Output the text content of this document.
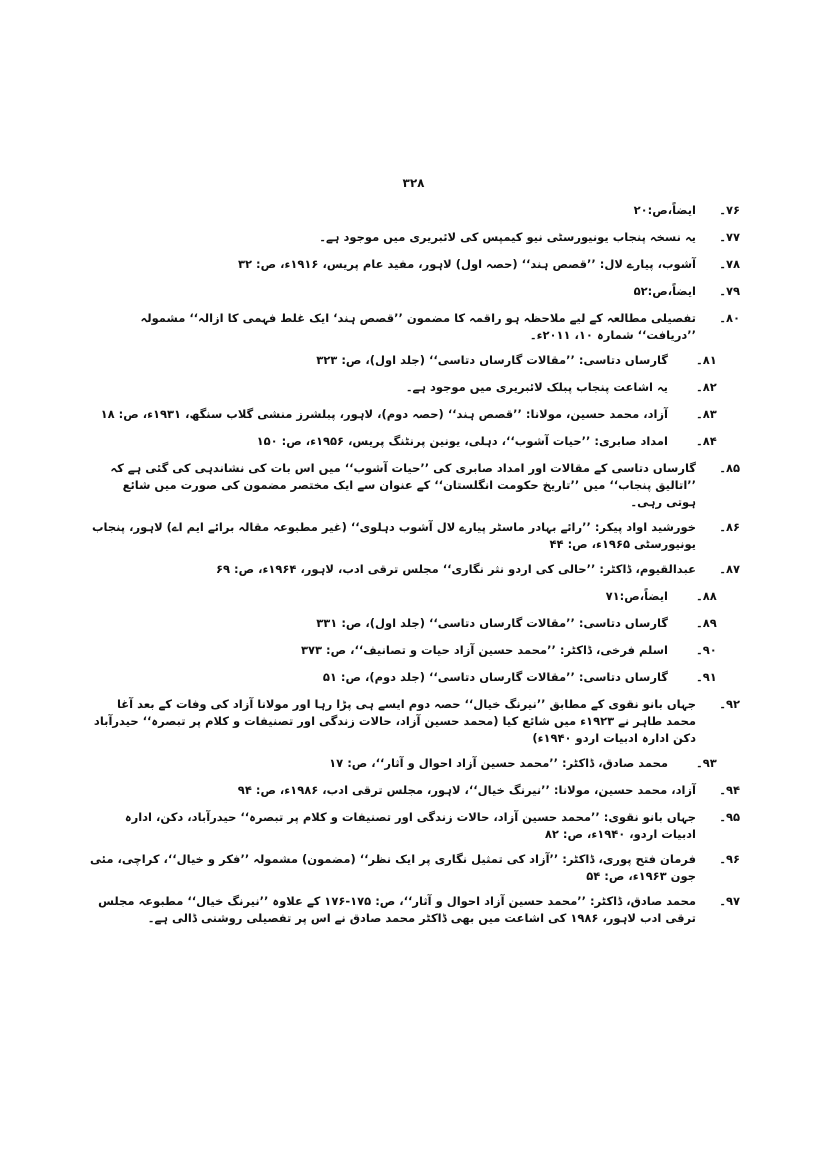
۳۲۸
۷۶۔
ایضاً،ص:۲۰
۷۷۔
یہ نسخہ پنجاب یونیورسٹی نیو کیمپس کی لائبریری میں موجود ہے۔
۷۸۔
آشوب، پیارے لال: ’’قصص ہند‘‘ (حصہ اول) لاہور، مفید عام پریس، ۱۹۱۶ء، ص: ۳۲
۷۹۔
ایضاً،ص:۵۲
۸۰۔
تفصیلی مطالعہ کے لیے ملاحظہ ہو راقمہ کا مضمون ’’قصص ہند‘ ایک غلط فہمی کا ازالہ‘‘ مشمولہ ’’دریافت‘‘ شمارہ ۱۰، ۲۰۱۱ء۔
۸۱۔
گارساں دتاسی: ’’مقالات گارساں دتاسی‘‘ (جلد اول)، ص: ۳۲۳
۸۲۔
یہ اشاعت پنجاب پبلک لائبریری میں موجود ہے۔
۸۳۔
آزاد، محمد حسین، مولانا: ’’قصص ہند‘‘ (حصہ دوم)، لاہور، پبلشرز منشی گلاب سنگھ، ۱۹۳۱ء، ص: ۱۸
۸۴۔
امداد صابری: ’’حیات آشوب‘‘، دہلی، یونین پرنٹنگ پریس، ۱۹۵۶ء، ص: ۱۵۰
۸۵۔
گارساں دتاسی کے مقالات اور امداد صابری کی ’’حیات آشوب‘‘ میں اس بات کی نشاندہی کی گئی ہے کہ ’’اتالیق پنجاب‘‘ میں ’’تاریخ حکومت انگلستان‘‘ کے عنوان سے ایک مختصر مضمون کی صورت میں شائع ہوتی رہی۔
۸۶۔
خورشید اواد پیکر: ’’رائے بہادر ماسٹر پیارے لال آشوب دہلوی‘‘ (غیر مطبوعہ مقالہ برائے ایم اے) لاہور، پنجاب یونیورسٹی ۱۹۶۵ء، ص: ۴۴
۸۷۔
عبدالقیوم، ڈاکٹر: ’’حالی کی اردو نثر نگاری‘‘ مجلس ترقی ادب، لاہور، ۱۹۶۴ء، ص: ۶۹
۸۸۔
ایضاً،ص:۷۱
۸۹۔
گارساں دتاسی: ’’مقالات گارساں دتاسی‘‘ (جلد اول)، ص: ۳۳۱
۹۰۔
اسلم فرخی، ڈاکٹر: ’’محمد حسین آزاد حیات و تصانیف‘‘، ص: ۳۷۳
۹۱۔
گارساں دتاسی: ’’مقالات گارساں دتاسی‘‘ (جلد دوم)، ص: ۵۱
۹۲۔
جہاں بانو نقوی کے مطابق ’’نیرنگ خیال‘‘ حصہ دوم ایسے ہی پڑا رہا اور مولانا آزاد کی وفات کے بعد آغا محمد طاہر نے ۱۹۲۳ء میں شائع کیا (محمد حسین آزاد، حالات زندگی اور تصنیفات و کلام پر تبصرہ‘‘ حیدرآباد دکن ادارہ ادبیات اردو ۱۹۴۰ء)
۹۳۔
محمد صادق، ڈاکٹر: ’’محمد حسین آزاد احوال و آثار‘‘، ص: ۱۷
۹۴۔
آزاد، محمد حسین، مولانا: ’’نیرنگ خیال‘‘، لاہور، مجلس ترقی ادب، ۱۹۸۶ء، ص: ۹۴
۹۵۔
جہاں بانو نقوی: ’’محمد حسین آزاد، حالات زندگی اور تصنیفات و کلام پر تبصرہ‘‘ حیدرآباد، دکن، ادارہ ادبیات اردو، ۱۹۴۰ء، ص: ۸۲
۹۶۔
فرمان فتح پوری، ڈاکٹر: ’’آزاد کی تمثیل نگاری پر ایک نظر‘‘ (مضمون) مشمولہ ’’فکر و خیال‘‘، کراچی، مئی جون ۱۹۶۳ء، ص: ۵۴
۹۷۔
محمد صادق، ڈاکٹر: ’’محمد حسین آزاد احوال و آثار‘‘، ص: ۱۷۵-۱۷۶ کے علاوہ ’’نیرنگ خیال‘‘ مطبوعہ مجلس ترقی ادب لاہور، ۱۹۸۶ کی اشاعت میں بھی ڈاکٹر محمد صادق نے اس پر تفصیلی روشنی ڈالی ہے۔
